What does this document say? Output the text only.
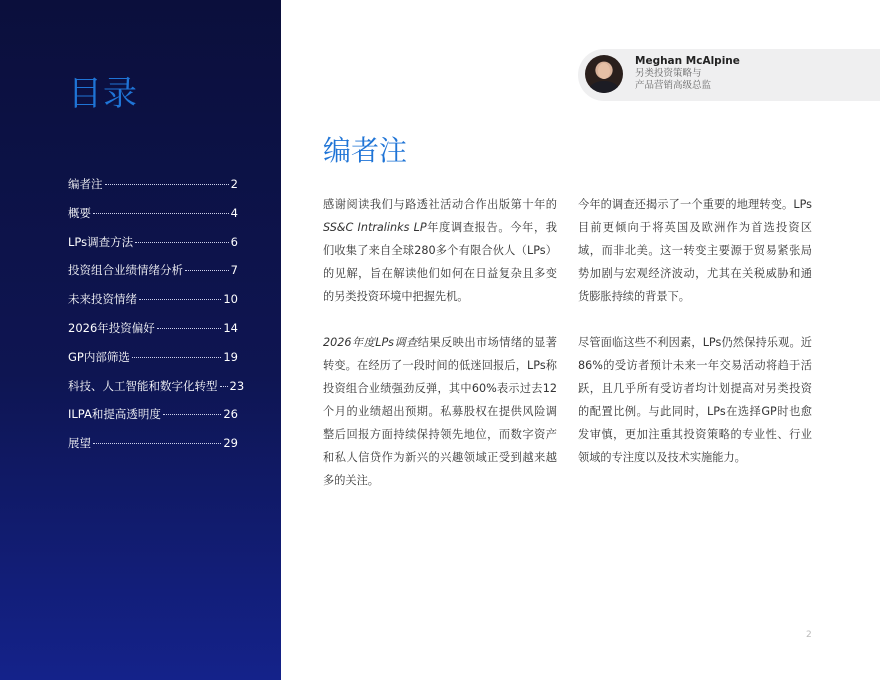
目录
编者注	2
概要	4
LPs调查方法	6
投资组合业绩情绪分析	7
未来投资情绪	10
2026年投资偏好	14
GP内部筛选	19
科技、人工智能和数字化转型 23
ILPA和提高透明度	26
展望	29
Meghan McAlpine
另类投资策略与
产品营销高级总监
编者注

感谢阅读我们与路透社活动合作出版第十年的SS&C Intralinks LP年度调查报告。今年，我们收集了来自全球280多个有限合伙人（LPs）的见解，旨在解读他们如何在日益复杂且多变的另类投资环境中把握先机。

2026年度LPs调查结果反映出市场情绪的显著转变。在经历了一段时间的低迷回报后，LPs称投资组合业绩强劲反弹，其中60%表示过去12个月的业绩超出预期。私募股权在提供风险调整后回报方面持续保持领先地位，而数字资产和私人信贷作为新兴的兴趣领域正受到越来越多的关注。

今年的调查还揭示了一个重要的地理转变。LPs目前更倾向于将英国及欧洲作为首选投资区域，而非北美。这一转变主要源于贸易紧张局势加剧与宏观经济波动，尤其在关税威胁和通货膨胀持续的背景下。

尽管面临这些不利因素，LPs仍然保持乐观。近86%的受访者预计未来一年交易活动将趋于活跃，且几乎所有受访者均计划提高对另类投资的配置比例。与此同时，LPs在选择GP时也愈发审慎，更加注重其投资策略的专业性、行业领域的专注度以及技术实施能力。

2
